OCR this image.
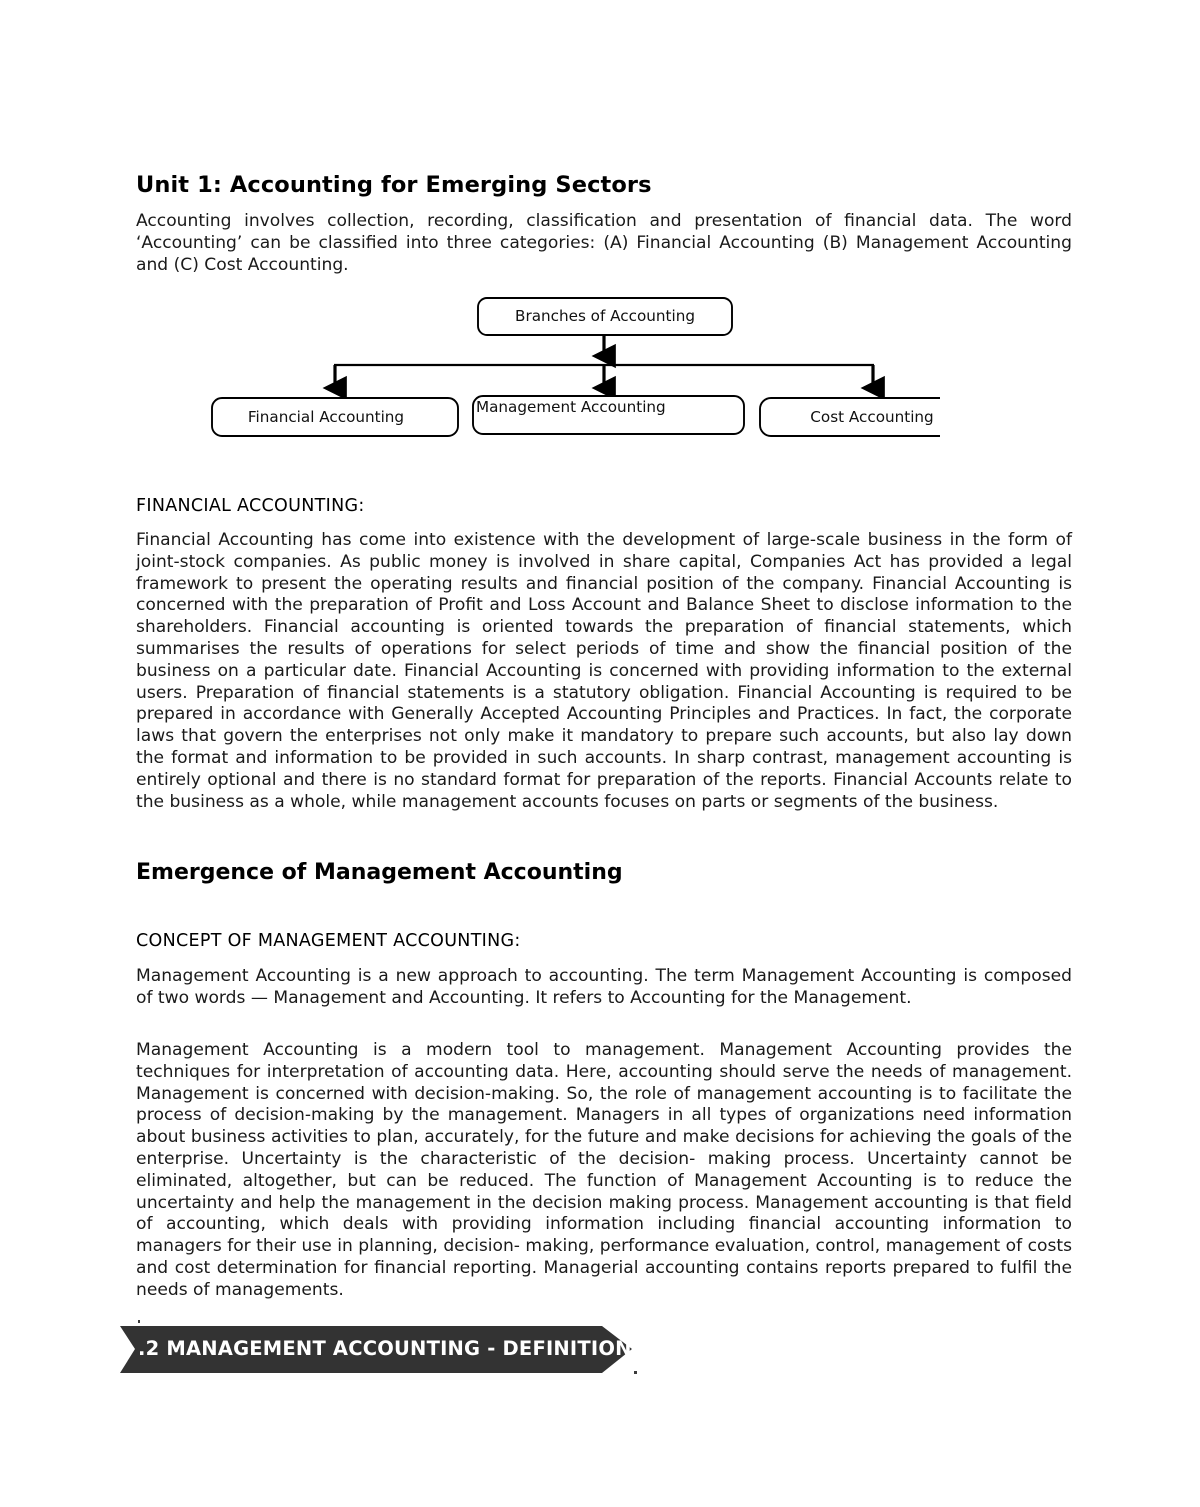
Unit 1: Accounting for Emerging Sectors

Accounting involves collection, recording, classification and presentation of financial data. The word ‘Accounting’ can be classified into three categories: (A) Financial Accounting (B) Management Accounting and (C) Cost Accounting.

FINANCIAL ACCOUNTING:

Financial Accounting has come into existence with the development of large-scale business in the form of joint-stock companies. As public money is involved in share capital, Companies Act has provided a legal framework to present the operating results and financial position of the company. Financial Accounting is concerned with the preparation of Profit and Loss Account and Balance Sheet to disclose information to the shareholders. Financial accounting is oriented towards the preparation of financial statements, which summarises the results of operations for select periods of time and show the financial position of the business on a particular date. Financial Accounting is concerned with providing information to the external users. Preparation of financial statements is a statutory obligation. Financial Accounting is required to be prepared in accordance with Generally Accepted Accounting Principles and Practices. In fact, the corporate laws that govern the enterprises not only make it mandatory to prepare such accounts, but also lay down the format and information to be provided in such accounts. In sharp contrast, management accounting is entirely optional and there is no standard format for preparation of the reports. Financial Accounts relate to the business as a whole, while management accounts focuses on parts or segments of the business.

Emergence of Management Accounting
CONCEPT OF MANAGEMENT ACCOUNTING:

Management Accounting is a new approach to accounting. The term Management Accounting is composed of two words — Management and Accounting. It refers to Accounting for the Management.

Management Accounting is a modern tool to management. Management Accounting provides the techniques for interpretation of accounting data. Here, accounting should serve the needs of management. Management is concerned with decision-making. So, the role of management accounting is to facilitate the process of decision-making by the management. Managers in all types of organizations need information about business activities to plan, accurately, for the future and make decisions for achieving the goals of the enterprise. Uncertainty is the characteristic of the decision- making process. Uncertainty cannot be eliminated, altogether, but can be reduced. The function of Management Accounting is to reduce the uncertainty and help the management in the decision making process. Management accounting is that field of accounting, which deals with providing information including financial accounting information to managers for their use in planning, decision- making, performance evaluation, control, management of costs and cost determination for financial reporting. Managerial accounting contains reports prepared to fulfil the needs of managements.

Branches of Accounting
Financial Accounting
Management Accounting
Cost Accounting
.2 MANAGEMENT ACCOUNTING - DEFINITION
